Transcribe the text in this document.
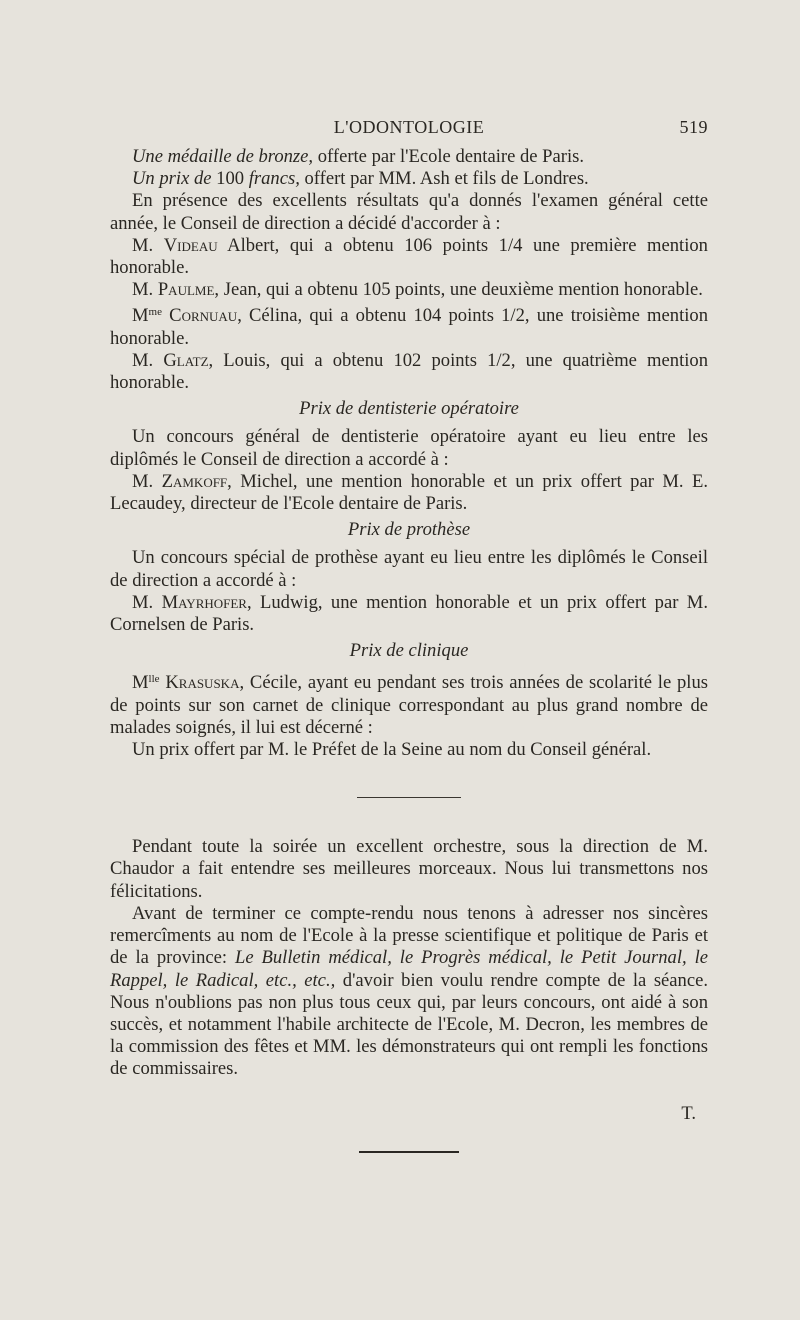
L'ODONTOLOGIE	519

Une médaille de bronze, offerte par l'Ecole dentaire de Paris.

Un prix de 100 francs, offert par MM. Ash et fils de Londres.

En présence des excellents résultats qu'a donnés l'examen général cette année, le Conseil de direction a décidé d'accorder à :

M. Videau Albert, qui a obtenu 106 points 1/4 une première mention honorable.

M. Paulme, Jean, qui a obtenu 105 points, une deuxième mention honorable.

$M^{me}$ Cornuau, Célina, qui a obtenu 104 points 1/2, une troisième mention honorable.

M. Glatz, Louis, qui a obtenu 102 points 1/2, une quatrième mention honorable.

Prix de dentisterie opératoire

Un concours général de dentisterie opératoire ayant eu lieu entre les diplômés le Conseil de direction a accordé à :

M. Zamkoff, Michel, une mention honorable et un prix offert par M. E. Lecaudey, directeur de l'Ecole dentaire de Paris.

Prix de prothèse

Un concours spécial de prothèse ayant eu lieu entre les diplômés le Conseil de direction a accordé à :

M. Mayrhofer, Ludwig, une mention honorable et un prix offert par M. Cornelsen de Paris.

Prix de clinique

$M^{lle}$ Krasuska, Cécile, ayant eu pendant ses trois années de scolarité le plus de points sur son carnet de clinique correspondant au plus grand nombre de malades soignés, il lui est décerné :

Un prix offert par M. le Préfet de la Seine au nom du Conseil général.

Pendant toute la soirée un excellent orchestre, sous la direction de M. Chaudor a fait entendre ses meilleures morceaux. Nous lui transmettons nos félicitations.

Avant de terminer ce compte-rendu nous tenons à adresser nos sincères remercîments au nom de l'Ecole à la presse scientifique et politique de Paris et de la province: Le Bulletin médical, le Progrès médical, le Petit Journal, le Rappel, le Radical, etc., etc., d'avoir bien voulu rendre compte de la séance. Nous n'oublions pas non plus tous ceux qui, par leurs concours, ont aidé à son succès, et notamment l'habile architecte de l'Ecole, M. Decron, les membres de la commission des fêtes et MM. les démonstrateurs qui ont rempli les fonctions de commissaires.

T.
